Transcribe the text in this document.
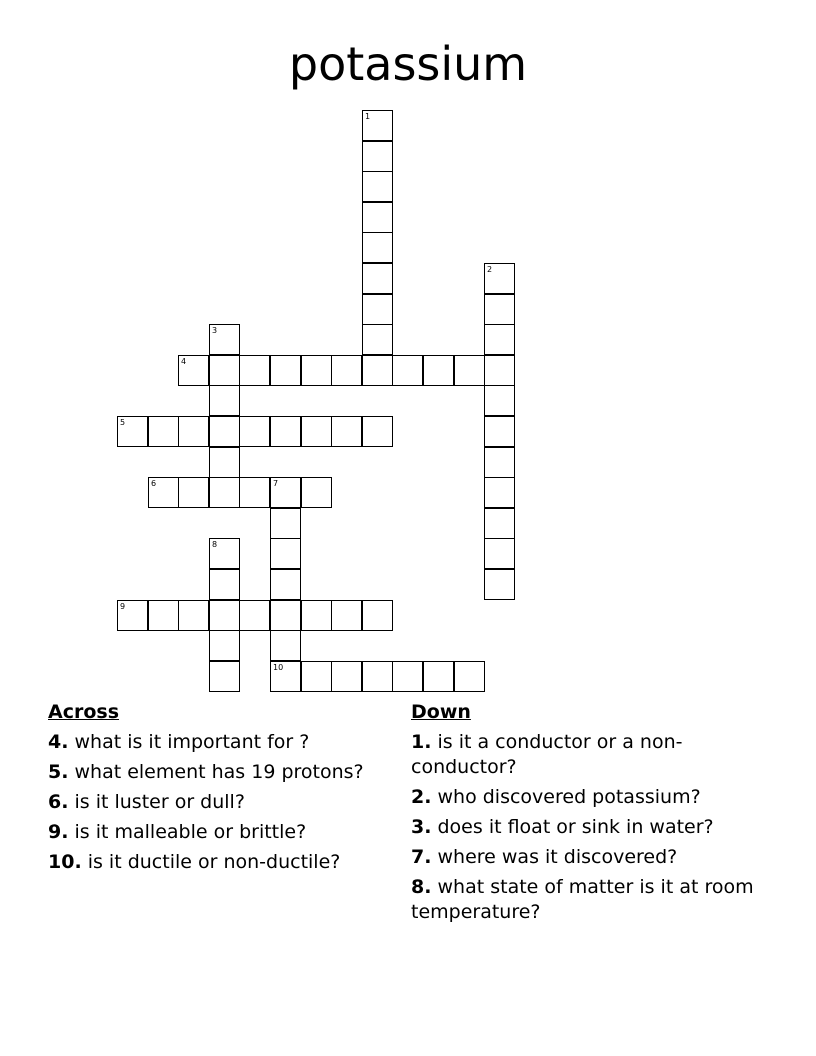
potassium
1
2
3
4
5
6	7
8
9
10
Across
4. what is it important for ?
5. what element has 19 protons?
6. is it luster or dull?
9. is it malleable or brittle?
10. is it ductile or non-ductile?
Down
1. is it a conductor or a non-conductor?
2. who discovered potassium?
3. does it float or sink in water?
7. where was it discovered?
8. what state of matter is it at room temperature?
